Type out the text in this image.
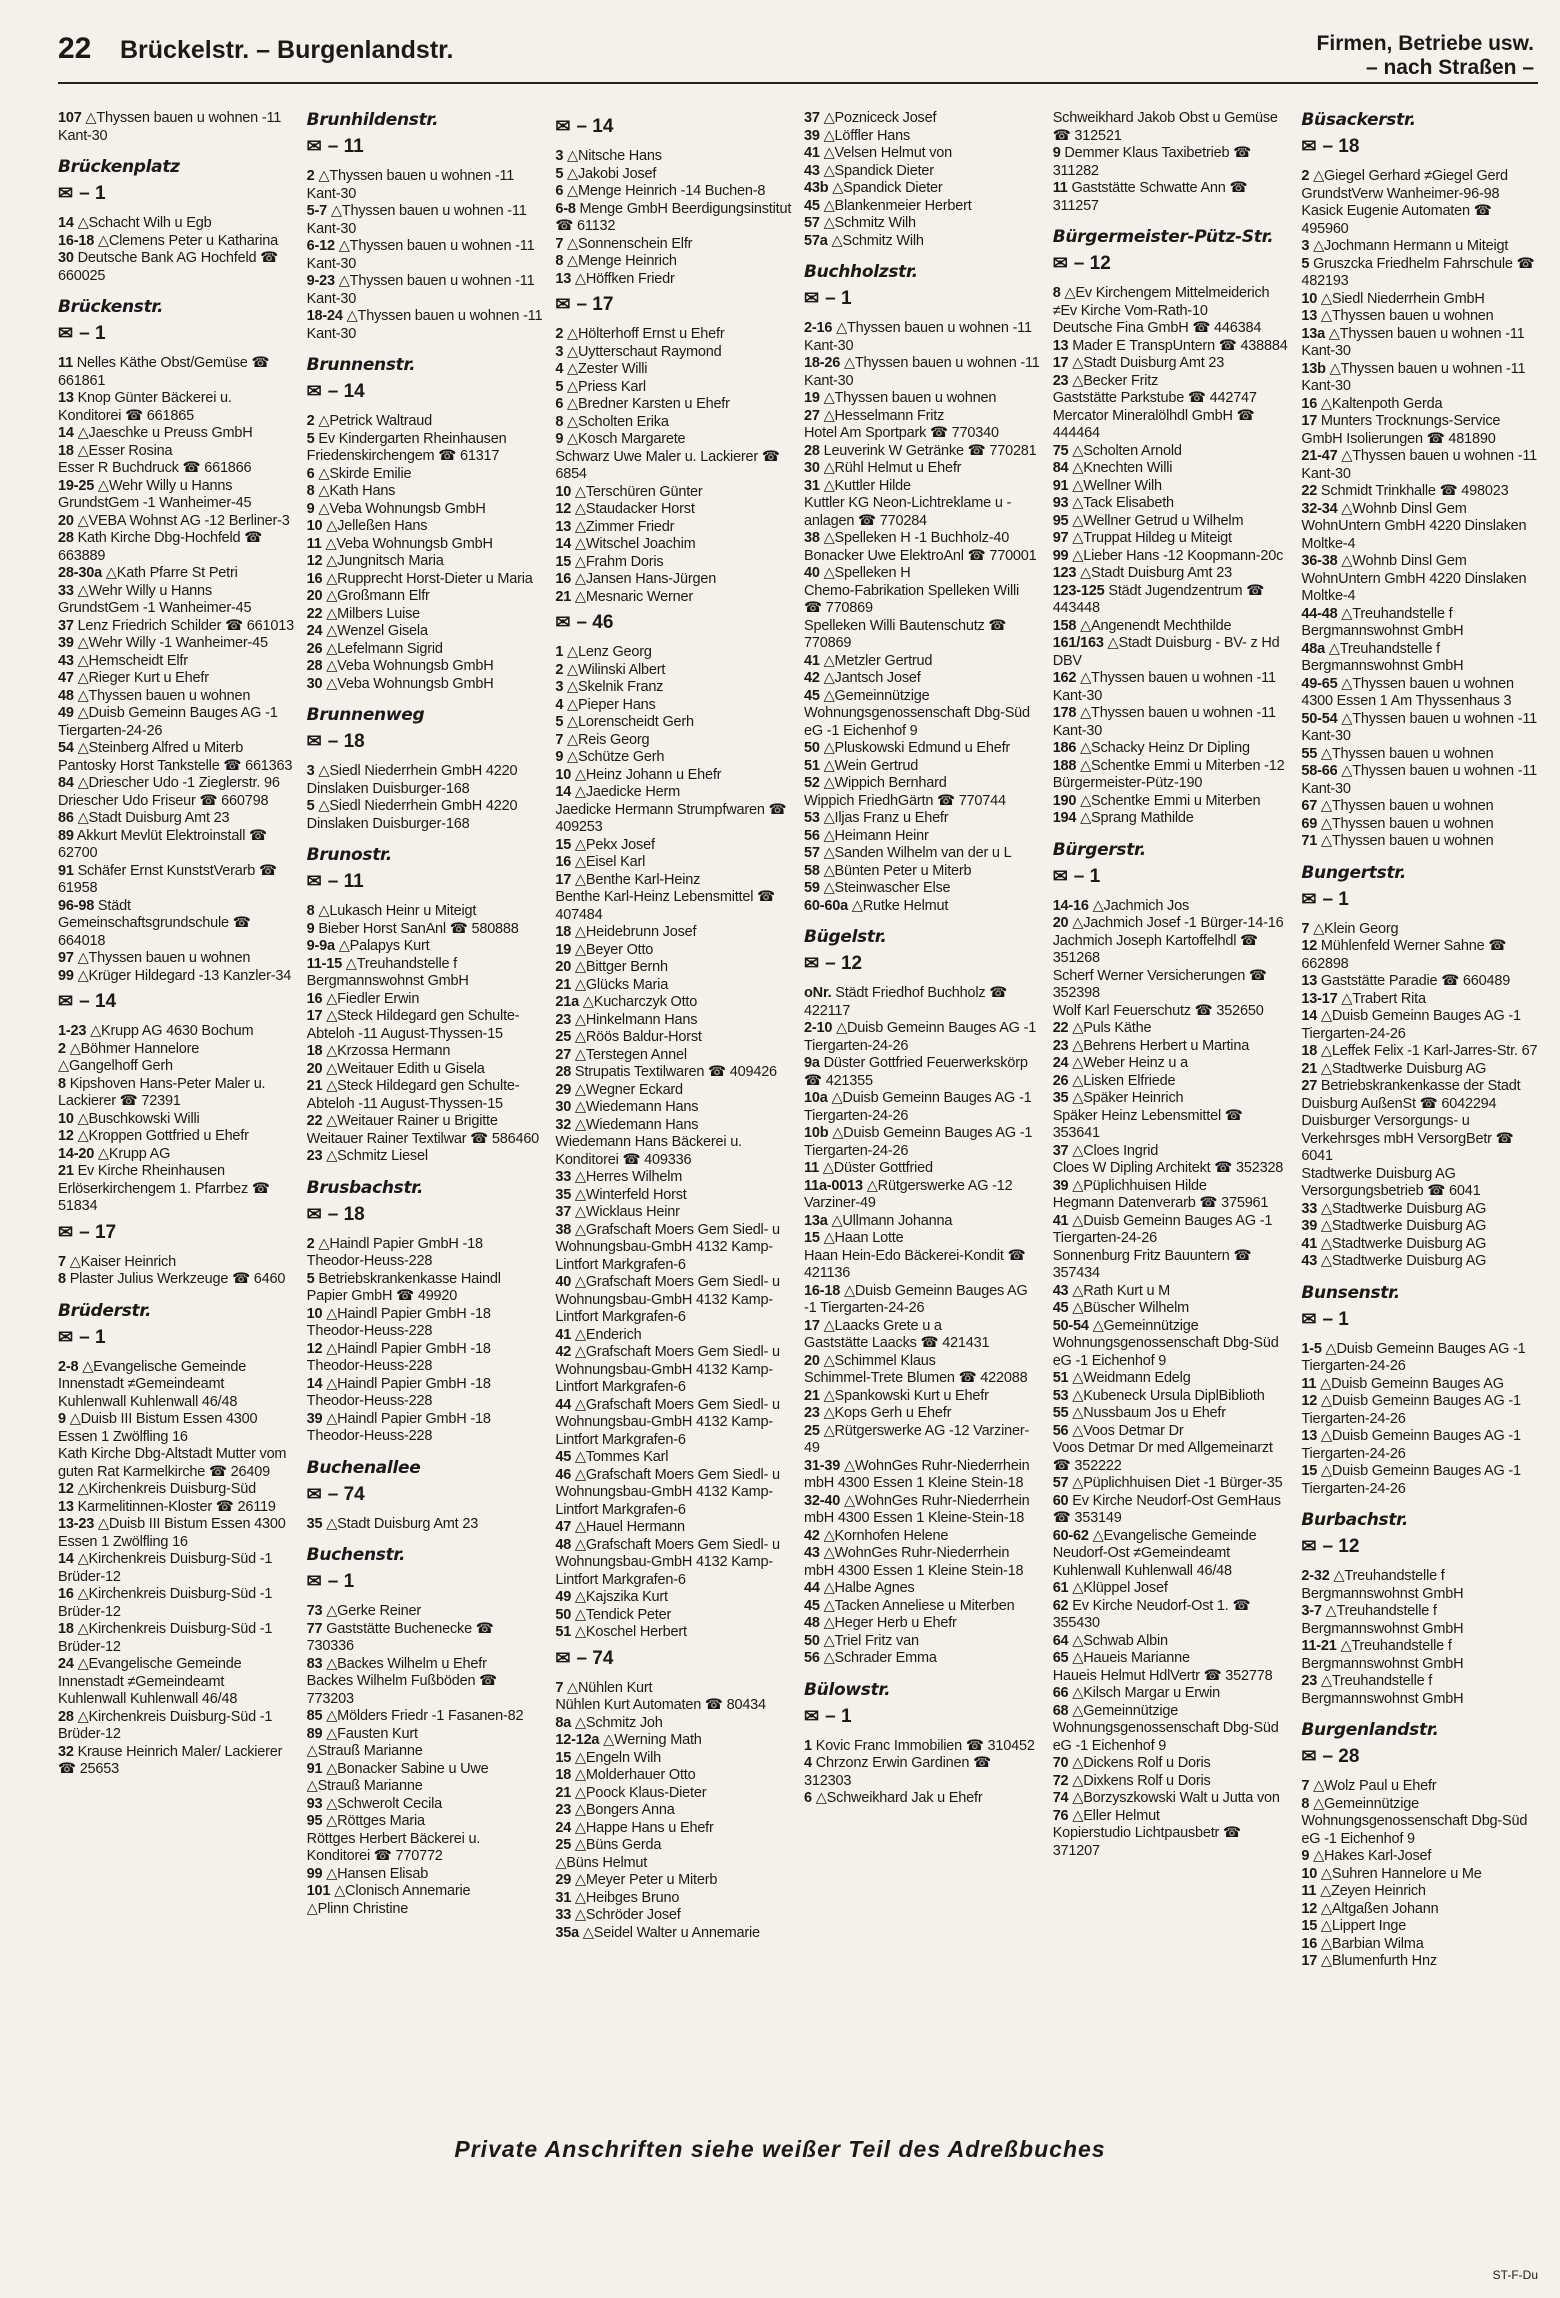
22 Brückelstr. – Burgenlandstr.	Firmen, Betriebe usw.
– nach Straßen –
107 △Thyssen bauen u wohnen -11 Kant-30
Brückenplatz
✉ – 1
14 △Schacht Wilh u Egb
16-18 △Clemens Peter u Katharina
30 Deutsche Bank AG Hochfeld ☎ 660025
Brückenstr.
✉ – 1
11 Nelles Käthe Obst/Gemüse ☎ 661861
13 Knop Günter Bäckerei u. Konditorei ☎ 661865
14 △Jaeschke u Preuss GmbH
18 △Esser Rosina
Esser R Buchdruck ☎ 661866
19-25 △Wehr Willy u Hanns GrundstGem -1 Wanheimer-45
20 △VEBA Wohnst AG -12 Berliner-3
28 Kath Kirche Dbg-Hochfeld ☎ 663889
28-30a △Kath Pfarre St Petri
33 △Wehr Willy u Hanns GrundstGem -1 Wanheimer-45
37 Lenz Friedrich Schilder ☎ 661013
39 △Wehr Willy -1 Wanheimer-45
43 △Hemscheidt Elfr
47 △Rieger Kurt u Ehefr
48 △Thyssen bauen u wohnen
49 △Duisb Gemeinn Bauges AG -1 Tiergarten-24-26
54 △Steinberg Alfred u Miterb
Pantosky Horst Tankstelle ☎ 661363
84 △Driescher Udo -1 Zieglerstr. 96
Driescher Udo Friseur ☎ 660798
86 △Stadt Duisburg Amt 23
89 Akkurt Mevlüt Elektroinstall ☎ 62700
91 Schäfer Ernst KunststVerarb ☎ 61958
96-98 Städt Gemeinschaftsgrundschule ☎ 664018
97 △Thyssen bauen u wohnen
99 △Krüger Hildegard -13 Kanzler-34
✉ – 14
1-23 △Krupp AG 4630 Bochum
2 △Böhmer Hannelore
△Gangelhoff Gerh
8 Kipshoven Hans-Peter Maler u. Lackierer ☎ 72391
10 △Buschkowski Willi
12 △Kroppen Gottfried u Ehefr
14-20 △Krupp AG
21 Ev Kirche Rheinhausen Erlöserkirchengem 1. Pfarrbez ☎ 51834
✉ – 17
7 △Kaiser Heinrich
8 Plaster Julius Werkzeuge ☎ 6460
Brüderstr.
✉ – 1
2-8 △Evangelische Gemeinde Innenstadt ≠Gemeindeamt Kuhlenwall Kuhlenwall 46/48
9 △Duisb III Bistum Essen 4300 Essen 1 Zwölfling 16
Kath Kirche Dbg-Altstadt Mutter vom guten Rat Karmelkirche ☎ 26409
12 △Kirchenkreis Duisburg-Süd
13 Karmelitinnen-Kloster ☎ 26119
13-23 △Duisb III Bistum Essen 4300 Essen 1 Zwölfling 16
14 △Kirchenkreis Duisburg-Süd -1 Brüder-12
16 △Kirchenkreis Duisburg-Süd -1 Brüder-12
18 △Kirchenkreis Duisburg-Süd -1 Brüder-12
24 △Evangelische Gemeinde Innenstadt ≠Gemeindeamt Kuhlenwall Kuhlenwall 46/48
28 △Kirchenkreis Duisburg-Süd -1 Brüder-12
32 Krause Heinrich Maler/ Lackierer ☎ 25653
Brunhildenstr.
✉ – 11
2 △Thyssen bauen u wohnen -11 Kant-30
5-7 △Thyssen bauen u wohnen -11 Kant-30
6-12 △Thyssen bauen u wohnen -11 Kant-30
9-23 △Thyssen bauen u wohnen -11 Kant-30
18-24 △Thyssen bauen u wohnen -11 Kant-30
Brunnenstr.
✉ – 14
2 △Petrick Waltraud
5 Ev Kindergarten Rheinhausen Friedenskirchengem ☎ 61317
6 △Skirde Emilie
8 △Kath Hans
9 △Veba Wohnungsb GmbH
10 △Jelleßen Hans
11 △Veba Wohnungsb GmbH
12 △Jungnitsch Maria
16 △Rupprecht Horst-Dieter u Maria
20 △Großmann Elfr
22 △Milbers Luise
24 △Wenzel Gisela
26 △Lefelmann Sigrid
28 △Veba Wohnungsb GmbH
30 △Veba Wohnungsb GmbH
Brunnenweg
✉ – 18
3 △Siedl Niederrhein GmbH 4220 Dinslaken Duisburger-168
5 △Siedl Niederrhein GmbH 4220 Dinslaken Duisburger-168
Brunostr.
✉ – 11
8 △Lukasch Heinr u Miteigt
9 Bieber Horst SanAnl ☎ 580888
9-9a △Palapys Kurt
11-15 △Treuhandstelle f Bergmannswohnst GmbH
16 △Fiedler Erwin
17 △Steck Hildegard gen Schulte-Abteloh -11 August-Thyssen-15
18 △Krzossa Hermann
20 △Weitauer Edith u Gisela
21 △Steck Hildegard gen Schulte-Abteloh -11 August-Thyssen-15
22 △Weitauer Rainer u Brigitte
Weitauer Rainer Textilwar ☎ 586460
23 △Schmitz Liesel
Brusbachstr.
✉ – 18
2 △Haindl Papier GmbH -18 Theodor-Heuss-228
5 Betriebskrankenkasse Haindl Papier GmbH ☎ 49920
10 △Haindl Papier GmbH -18 Theodor-Heuss-228
12 △Haindl Papier GmbH -18 Theodor-Heuss-228
14 △Haindl Papier GmbH -18 Theodor-Heuss-228
39 △Haindl Papier GmbH -18 Theodor-Heuss-228
Buchenallee
✉ – 74
35 △Stadt Duisburg Amt 23
Buchenstr.
✉ – 1
73 △Gerke Reiner
77 Gaststätte Buchenecke ☎ 730336
83 △Backes Wilhelm u Ehefr
Backes Wilhelm Fußböden ☎ 773203
85 △Mölders Friedr -1 Fasanen-82
89 △Fausten Kurt
△Strauß Marianne
91 △Bonacker Sabine u Uwe
△Strauß Marianne
93 △Schwerolt Cecila
95 △Röttges Maria
Röttges Herbert Bäckerei u. Konditorei ☎ 770772
99 △Hansen Elisab
101 △Clonisch Annemarie
△Plinn Christine
✉ – 14
3 △Nitsche Hans
5 △Jakobi Josef
6 △Menge Heinrich -14 Buchen-8
6-8 Menge GmbH Beerdigungsinstitut ☎ 61132
7 △Sonnenschein Elfr
8 △Menge Heinrich
13 △Höffken Friedr
✉ – 17
2 △Hölterhoff Ernst u Ehefr
3 △Uytterschaut Raymond
4 △Zester Willi
5 △Priess Karl
6 △Bredner Karsten u Ehefr
8 △Scholten Erika
9 △Kosch Margarete
Schwarz Uwe Maler u. Lackierer ☎ 6854
10 △Terschüren Günter
12 △Staudacker Horst
13 △Zimmer Friedr
14 △Witschel Joachim
15 △Frahm Doris
16 △Jansen Hans-Jürgen
21 △Mesnaric Werner
✉ – 46
1 △Lenz Georg
2 △Wilinski Albert
3 △Skelnik Franz
4 △Pieper Hans
5 △Lorenscheidt Gerh
7 △Reis Georg
9 △Schütze Gerh
10 △Heinz Johann u Ehefr
14 △Jaedicke Herm
Jaedicke Hermann Strumpfwaren ☎ 409253
15 △Pekx Josef
16 △Eisel Karl
17 △Benthe Karl-Heinz
Benthe Karl-Heinz Lebensmittel ☎ 407484
18 △Heidebrunn Josef
19 △Beyer Otto
20 △Bittger Bernh
21 △Glücks Maria
21a △Kucharczyk Otto
23 △Hinkelmann Hans
25 △Röös Baldur-Horst
27 △Terstegen Annel
28 Strupatis Textilwaren ☎ 409426
29 △Wegner Eckard
30 △Wiedemann Hans
32 △Wiedemann Hans
Wiedemann Hans Bäckerei u. Konditorei ☎ 409336
33 △Herres Wilhelm
35 △Winterfeld Horst
37 △Wicklaus Heinr
38 △Grafschaft Moers Gem Siedl- u Wohnungsbau-GmbH 4132 Kamp-Lintfort Markgrafen-6
40 △Grafschaft Moers Gem Siedl- u Wohnungsbau-GmbH 4132 Kamp-Lintfort Markgrafen-6
41 △Enderich
42 △Grafschaft Moers Gem Siedl- u Wohnungsbau-GmbH 4132 Kamp-Lintfort Markgrafen-6
44 △Grafschaft Moers Gem Siedl- u Wohnungsbau-GmbH 4132 Kamp-Lintfort Markgrafen-6
45 △Tommes Karl
46 △Grafschaft Moers Gem Siedl- u Wohnungsbau-GmbH 4132 Kamp-Lintfort Markgrafen-6
47 △Hauel Hermann
48 △Grafschaft Moers Gem Siedl- u Wohnungsbau-GmbH 4132 Kamp-Lintfort Markgrafen-6
49 △Kajszika Kurt
50 △Tendick Peter
51 △Koschel Herbert
✉ – 74
7 △Nühlen Kurt
Nühlen Kurt Automaten ☎ 80434
8a △Schmitz Joh
12-12a △Werning Math
15 △Engeln Wilh
18 △Molderhauer Otto
21 △Poock Klaus-Dieter
23 △Bongers Anna
24 △Happe Hans u Ehefr
25 △Büns Gerda
△Büns Helmut
29 △Meyer Peter u Miterb
31 △Heibges Bruno
33 △Schröder Josef
35a △Seidel Walter u Annemarie
37 △Pozniceck Josef
39 △Löffler Hans
41 △Velsen Helmut von
43 △Spandick Dieter
43b △Spandick Dieter
45 △Blankenmeier Herbert
57 △Schmitz Wilh
57a △Schmitz Wilh
Buchholzstr.
✉ – 1
2-16 △Thyssen bauen u wohnen -11 Kant-30
18-26 △Thyssen bauen u wohnen -11 Kant-30
19 △Thyssen bauen u wohnen
27 △Hesselmann Fritz
Hotel Am Sportpark ☎ 770340
28 Leuverink W Getränke ☎ 770281
30 △Rühl Helmut u Ehefr
31 △Kuttler Hilde
Kuttler KG Neon-Lichtreklame u -anlagen ☎ 770284
38 △Spelleken H -1 Buchholz-40
Bonacker Uwe ElektroAnl ☎ 770001
40 △Spelleken H
Chemo-Fabrikation Spelleken Willi ☎ 770869
Spelleken Willi Bautenschutz ☎ 770869
41 △Metzler Gertrud
42 △Jantsch Josef
45 △Gemeinnützige Wohnungsgenossenschaft Dbg-Süd eG -1 Eichenhof 9
50 △Pluskowski Edmund u Ehefr
51 △Wein Gertrud
52 △Wippich Bernhard
Wippich FriedhGärtn ☎ 770744
53 △Iljas Franz u Ehefr
56 △Heimann Heinr
57 △Sanden Wilhelm van der u L
58 △Bünten Peter u Miterb
59 △Steinwascher Else
60-60a △Rutke Helmut
Bügelstr.
✉ – 12
oNr. Städt Friedhof Buchholz ☎ 422117
2-10 △Duisb Gemeinn Bauges AG -1 Tiergarten-24-26
9a Düster Gottfried Feuerwerkskörp ☎ 421355
10a △Duisb Gemeinn Bauges AG -1 Tiergarten-24-26
10b △Duisb Gemeinn Bauges AG -1 Tiergarten-24-26
11 △Düster Gottfried
11a-0013 △Rütgerswerke AG -12 Varziner-49
13a △Ullmann Johanna
15 △Haan Lotte
Haan Hein-Edo Bäckerei-Kondit ☎ 421136
16-18 △Duisb Gemeinn Bauges AG -1 Tiergarten-24-26
17 △Laacks Grete u a
Gaststätte Laacks ☎ 421431
20 △Schimmel Klaus
Schimmel-Trete Blumen ☎ 422088
21 △Spankowski Kurt u Ehefr
23 △Kops Gerh u Ehefr
25 △Rütgerswerke AG -12 Varziner-49
31-39 △WohnGes Ruhr-Niederrhein mbH 4300 Essen 1 Kleine Stein-18
32-40 △WohnGes Ruhr-Niederrhein mbH 4300 Essen 1 Kleine-Stein-18
42 △Kornhofen Helene
43 △WohnGes Ruhr-Niederrhein mbH 4300 Essen 1 Kleine Stein-18
44 △Halbe Agnes
45 △Tacken Anneliese u Miterben
48 △Heger Herb u Ehefr
50 △Triel Fritz van
56 △Schrader Emma
Bülowstr.
✉ – 1
1 Kovic Franc Immobilien ☎ 310452
4 Chrzonz Erwin Gardinen ☎ 312303
6 △Schweikhard Jak u Ehefr
Schweikhard Jakob Obst u Gemüse ☎ 312521
9 Demmer Klaus Taxibetrieb ☎ 311282
11 Gaststätte Schwatte Ann ☎ 311257
Bürgermeister-Pütz-Str.
✉ – 12
8 △Ev Kirchengem Mittelmeiderich ≠Ev Kirche Vom-Rath-10
Deutsche Fina GmbH ☎ 446384
13 Mader E TranspUntern ☎ 438884
17 △Stadt Duisburg Amt 23
23 △Becker Fritz
Gaststätte Parkstube ☎ 442747
Mercator Mineralölhdl GmbH ☎ 444464
75 △Scholten Arnold
84 △Knechten Willi
91 △Wellner Wilh
93 △Tack Elisabeth
95 △Wellner Getrud u Wilhelm
97 △Truppat Hildeg u Miteigt
99 △Lieber Hans -12 Koopmann-20c
123 △Stadt Duisburg Amt 23
123-125 Städt Jugendzentrum ☎ 443448
158 △Angenendt Mechthilde
161/163 △Stadt Duisburg - BV- z Hd DBV
162 △Thyssen bauen u wohnen -11 Kant-30
178 △Thyssen bauen u wohnen -11 Kant-30
186 △Schacky Heinz Dr Dipling
188 △Schentke Emmi u Miterben -12 Bürgermeister-Pütz-190
190 △Schentke Emmi u Miterben
194 △Sprang Mathilde
Bürgerstr.
✉ – 1
14-16 △Jachmich Jos
20 △Jachmich Josef -1 Bürger-14-16
Jachmich Joseph Kartoffelhdl ☎ 351268
Scherf Werner Versicherungen ☎ 352398
Wolf Karl Feuerschutz ☎ 352650
22 △Puls Käthe
23 △Behrens Herbert u Martina
24 △Weber Heinz u a
26 △Lisken Elfriede
35 △Späker Heinrich
Späker Heinz Lebensmittel ☎ 353641
37 △Cloes Ingrid
Cloes W Dipling Architekt ☎ 352328
39 △Püplichhuisen Hilde
Hegmann Datenverarb ☎ 375961
41 △Duisb Gemeinn Bauges AG -1 Tiergarten-24-26
Sonnenburg Fritz Bauuntern ☎ 357434
43 △Rath Kurt u M
45 △Büscher Wilhelm
50-54 △Gemeinnützige Wohnungsgenossenschaft Dbg-Süd eG -1 Eichenhof 9
51 △Weidmann Edelg
53 △Kubeneck Ursula DiplBiblioth
55 △Nussbaum Jos u Ehefr
56 △Voos Detmar Dr
Voos Detmar Dr med Allgemeinarzt ☎ 352222
57 △Püplichhuisen Diet -1 Bürger-35
60 Ev Kirche Neudorf-Ost GemHaus ☎ 353149
60-62 △Evangelische Gemeinde Neudorf-Ost ≠Gemeindeamt Kuhlenwall Kuhlenwall 46/48
61 △Klüppel Josef
62 Ev Kirche Neudorf-Ost 1. ☎ 355430
64 △Schwab Albin
65 △Haueis Marianne
Haueis Helmut HdlVertr ☎ 352778
66 △Kilsch Margar u Erwin
68 △Gemeinnützige Wohnungsgenossenschaft Dbg-Süd eG -1 Eichenhof 9
70 △Dickens Rolf u Doris
72 △Dixkens Rolf u Doris
74 △Borzyszkowski Walt u Jutta von
76 △Eller Helmut
Kopierstudio Lichtpausbetr ☎ 371207
Büsackerstr.
✉ – 18
2 △Giegel Gerhard ≠Giegel Gerd GrundstVerw Wanheimer-96-98
Kasick Eugenie Automaten ☎ 495960
3 △Jochmann Hermann u Miteigt
5 Gruszcka Friedhelm Fahrschule ☎ 482193
10 △Siedl Niederrhein GmbH
13 △Thyssen bauen u wohnen
13a △Thyssen bauen u wohnen -11 Kant-30
13b △Thyssen bauen u wohnen -11 Kant-30
16 △Kaltenpoth Gerda
17 Munters Trocknungs-Service GmbH Isolierungen ☎ 481890
21-47 △Thyssen bauen u wohnen -11 Kant-30
22 Schmidt Trinkhalle ☎ 498023
32-34 △Wohnb Dinsl Gem WohnUntern GmbH 4220 Dinslaken Moltke-4
36-38 △Wohnb Dinsl Gem WohnUntern GmbH 4220 Dinslaken Moltke-4
44-48 △Treuhandstelle f Bergmannswohnst GmbH
48a △Treuhandstelle f Bergmannswohnst GmbH
49-65 △Thyssen bauen u wohnen 4300 Essen 1 Am Thyssenhaus 3
50-54 △Thyssen bauen u wohnen -11 Kant-30
55 △Thyssen bauen u wohnen
58-66 △Thyssen bauen u wohnen -11 Kant-30
67 △Thyssen bauen u wohnen
69 △Thyssen bauen u wohnen
71 △Thyssen bauen u wohnen
Bungertstr.
✉ – 1
7 △Klein Georg
12 Mühlenfeld Werner Sahne ☎ 662898
13 Gaststätte Paradie ☎ 660489
13-17 △Trabert Rita
14 △Duisb Gemeinn Bauges AG -1 Tiergarten-24-26
18 △Leffek Felix -1 Karl-Jarres-Str. 67
21 △Stadtwerke Duisburg AG
27 Betriebskrankenkasse der Stadt Duisburg AußenSt ☎ 6042294
Duisburger Versorgungs- u Verkehrsges mbH VersorgBetr ☎ 6041
Stadtwerke Duisburg AG Versorgungsbetrieb ☎ 6041
33 △Stadtwerke Duisburg AG
39 △Stadtwerke Duisburg AG
41 △Stadtwerke Duisburg AG
43 △Stadtwerke Duisburg AG
Bunsenstr.
✉ – 1
1-5 △Duisb Gemeinn Bauges AG -1 Tiergarten-24-26
11 △Duisb Gemeinn Bauges AG
12 △Duisb Gemeinn Bauges AG -1 Tiergarten-24-26
13 △Duisb Gemeinn Bauges AG -1 Tiergarten-24-26
15 △Duisb Gemeinn Bauges AG -1 Tiergarten-24-26
Burbachstr.
✉ – 12
2-32 △Treuhandstelle f Bergmannswohnst GmbH
3-7 △Treuhandstelle f Bergmannswohnst GmbH
11-21 △Treuhandstelle f Bergmannswohnst GmbH
23 △Treuhandstelle f Bergmannswohnst GmbH
Burgenlandstr.
✉ – 28
7 △Wolz Paul u Ehefr
8 △Gemeinnützige Wohnungsgenossenschaft Dbg-Süd eG -1 Eichenhof 9
9 △Hakes Karl-Josef
10 △Suhren Hannelore u Me
11 △Zeyen Heinrich
12 △Altgaßen Johann
15 △Lippert Inge
16 △Barbian Wilma
17 △Blumenfurth Hnz
Private Anschriften siehe weißer Teil des Adreßbuches
ST-F-Du
